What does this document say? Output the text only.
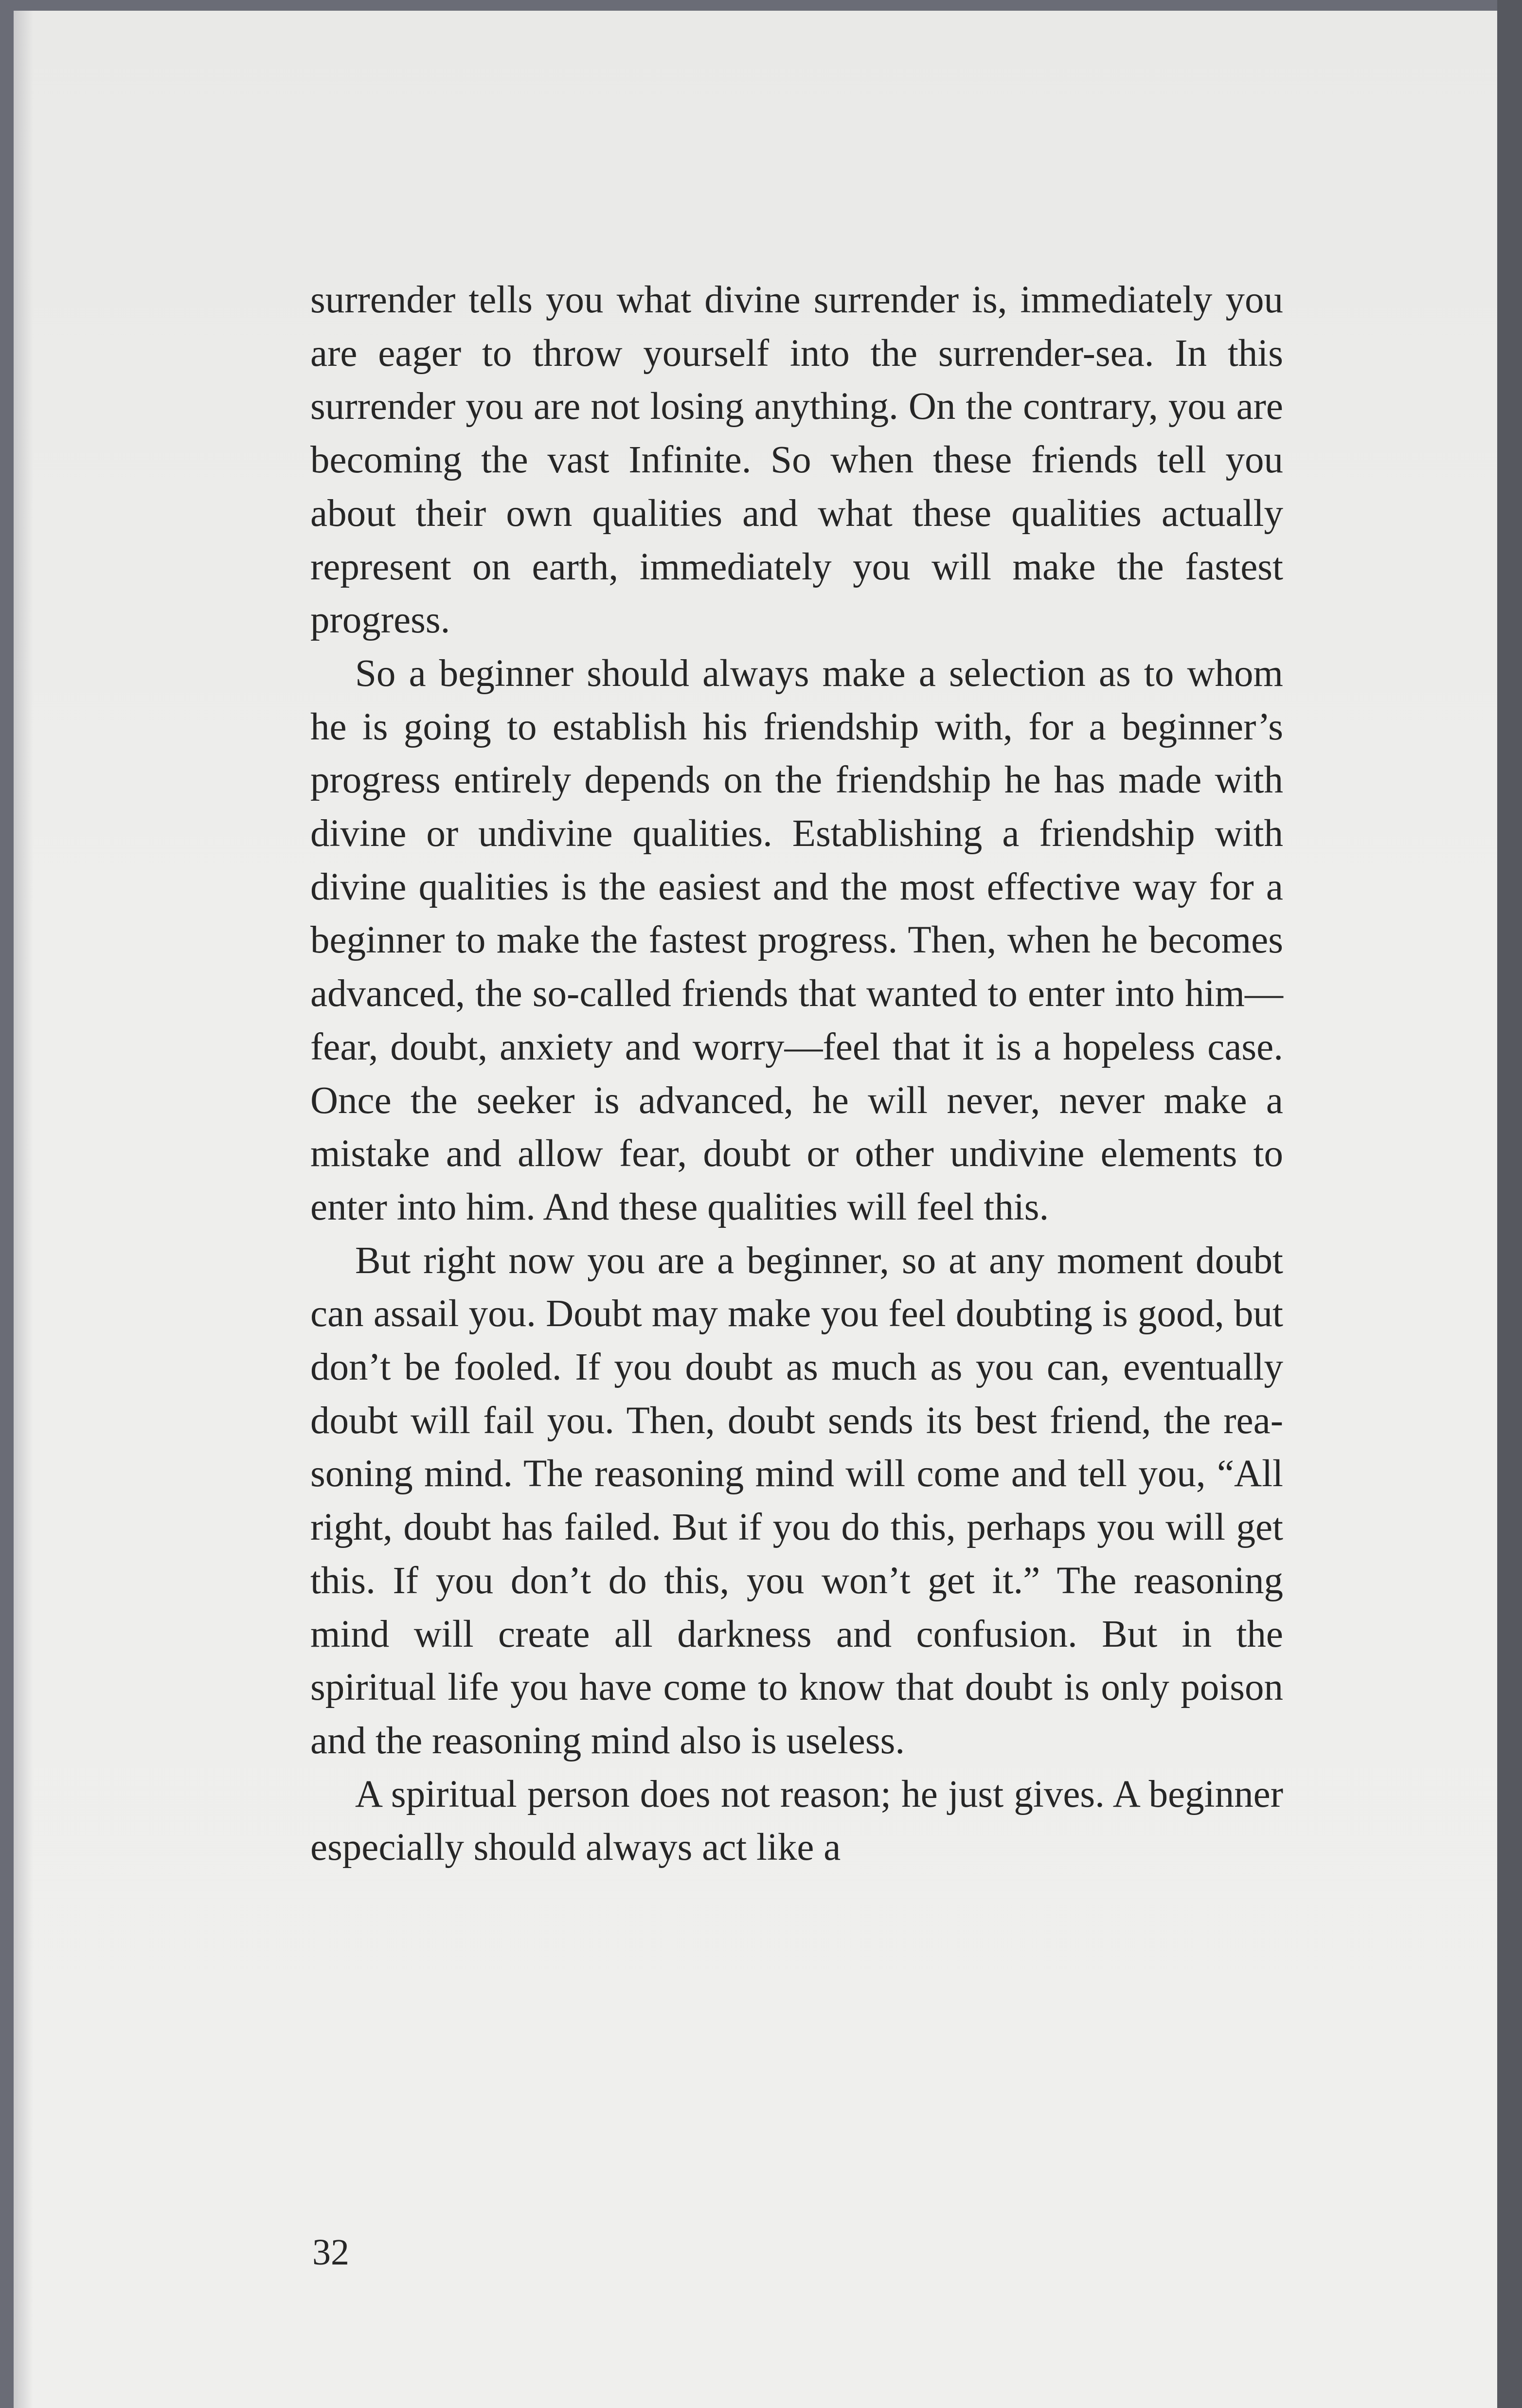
surrender tells you what divine surrender is, immediately you are eager to throw yourself into the surrender-sea. In this surrender you are not losing anything. On the contrary, you are becoming the vast Infinite. So when these friends tell you about their own qualities and what these qualities actually represent on earth, immediately you will make the fastest progress.

So a beginner should always make a selection as to whom he is going to establish his friendship with, for a beginner’s progress entirely depends on the friendship he has made with divine or undivine qualities. Establishing a friendship with divine qualities is the easiest and the most effective way for a beginner to make the fastest progress. Then, when he becomes advanced, the so-called friends that wanted to enter into him—fear, doubt, anxiety and worry—feel that it is a hopeless case. Once the seeker is advanced, he will never, never make a mistake and allow fear, doubt or other undivine elements to enter into him. And these qualities will feel this.

But right now you are a beginner, so at any moment doubt can assail you. Doubt may make you feel doubting is good, but don’t be fooled. If you doubt as much as you can, eventually doubt will fail you. Then, doubt sends its best friend, the reasoning mind. The reasoning mind will come and tell you, “All right, doubt has failed. But if you do this, perhaps you will get this. If you don’t do this, you won’t get it.” The reasoning mind will create all darkness and confusion. But in the spiritual life you have come to know that doubt is only poison and the reasoning mind also is useless.

A spiritual person does not reason; he just gives. A beginner especially should always act like a

32
